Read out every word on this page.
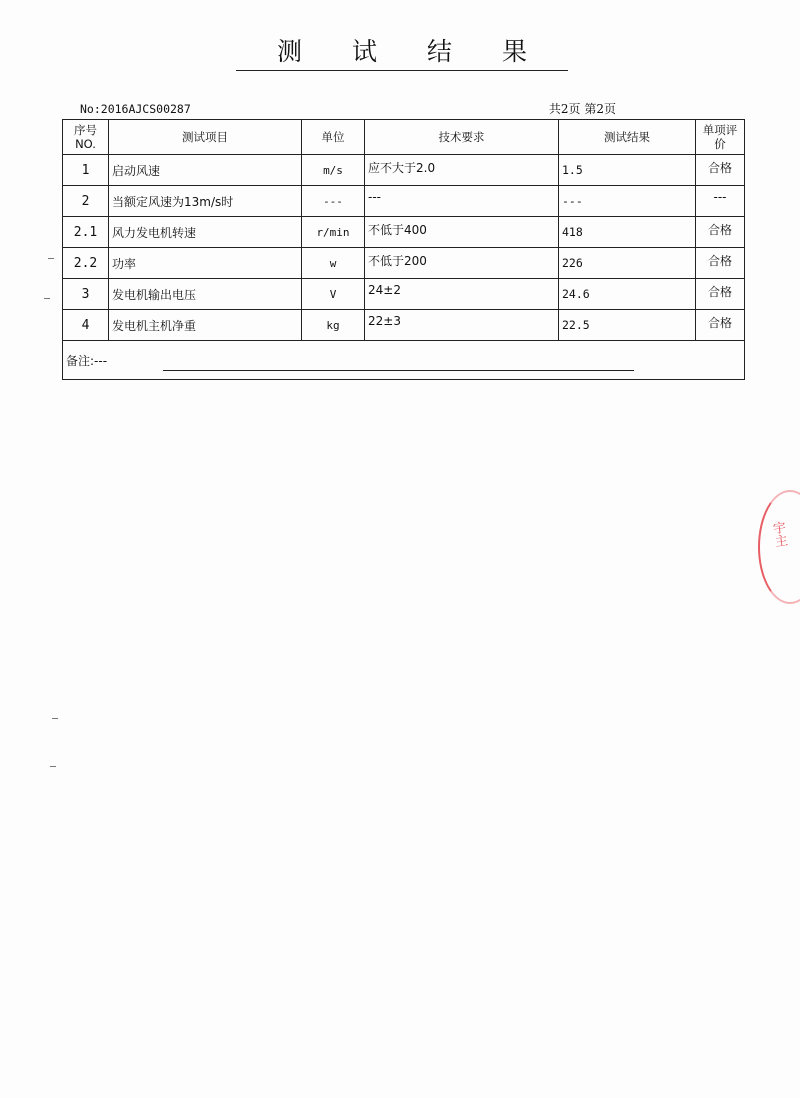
测试结果
No:2016AJCS00287	共2页 第2页
序号NO.	测试项目	单位	技术要求	测试结果	单项评价
1	启动风速	m/s	应不大于2.0	1.5	合格
2	当额定风速为13m/s时	---	---	---	---
2.1	风力发电机转速	r/min	不低于400	418	合格
2.2	功率	w	不低于200	226	合格
3	发电机输出电压	V	24±2	24.6	合格
4	发电机主机净重	kg	22±3	22.5	合格
备注:---					
宇主
